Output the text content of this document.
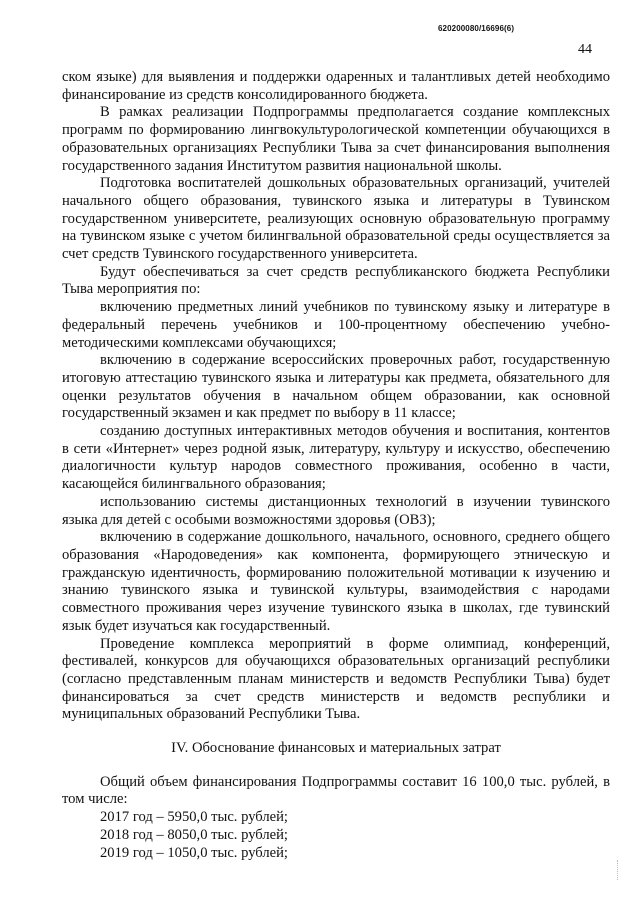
620200080/16696(6)
44

ском языке) для выявления и поддержки одаренных и талантливых детей необходимо финансирование из средств консолидированного бюджета.

В рамках реализации Подпрограммы предполагается создание комплексных программ по формированию лингвокультурологической компетенции обучающихся в образовательных организациях Республики Тыва за счет финансирования выполнения государственного задания Институтом развития национальной школы.

Подготовка воспитателей дошкольных образовательных организаций, учителей начального общего образования, тувинского языка и литературы в Тувинском государственном университете, реализующих основную образовательную программу на тувинском языке с учетом билингвальной образовательной среды осуществляется за счет средств Тувинского государственного университета.

Будут обеспечиваться за счет средств республиканского бюджета Республики Тыва мероприятия по:

включению предметных линий учебников по тувинскому языку и литературе в федеральный перечень учебников и 100-процентному обеспечению учебно-методическими комплексами обучающихся;

включению в содержание всероссийских проверочных работ, государственную итоговую аттестацию тувинского языка и литературы как предмета, обязательного для оценки результатов обучения в начальном общем образовании, как основной государственный экзамен и как предмет по выбору в 11 классе;

созданию доступных интерактивных методов обучения и воспитания, контентов в сети «Интернет» через родной язык, литературу, культуру и искусство, обеспечению диалогичности культур народов совместного проживания, особенно в части, касающейся билингвального образования;

использованию системы дистанционных технологий в изучении тувинского языка для детей с особыми возможностями здоровья (ОВЗ);

включению в содержание дошкольного, начального, основного, среднего общего образования «Народоведения» как компонента, формирующего этническую и гражданскую идентичность, формированию положительной мотивации к изучению и знанию тувинского языка и тувинской культуры, взаимодействия с народами совместного проживания через изучение тувинского языка в школах, где тувинский язык будет изучаться как государственный.

Проведение комплекса мероприятий в форме олимпиад, конференций, фестивалей, конкурсов для обучающихся образовательных организаций республики (согласно представленным планам министерств и ведомств Республики Тыва) будет финансироваться за счет средств министерств и ведомств республики и муниципальных образований Республики Тыва.

IV. Обоснование финансовых и материальных затрат

Общий объем финансирования Подпрограммы составит 16 100,0 тыс. рублей, в том числе:

2017 год – 5950,0 тыс. рублей;

2018 год – 8050,0 тыс. рублей;

2019 год – 1050,0 тыс. рублей;
